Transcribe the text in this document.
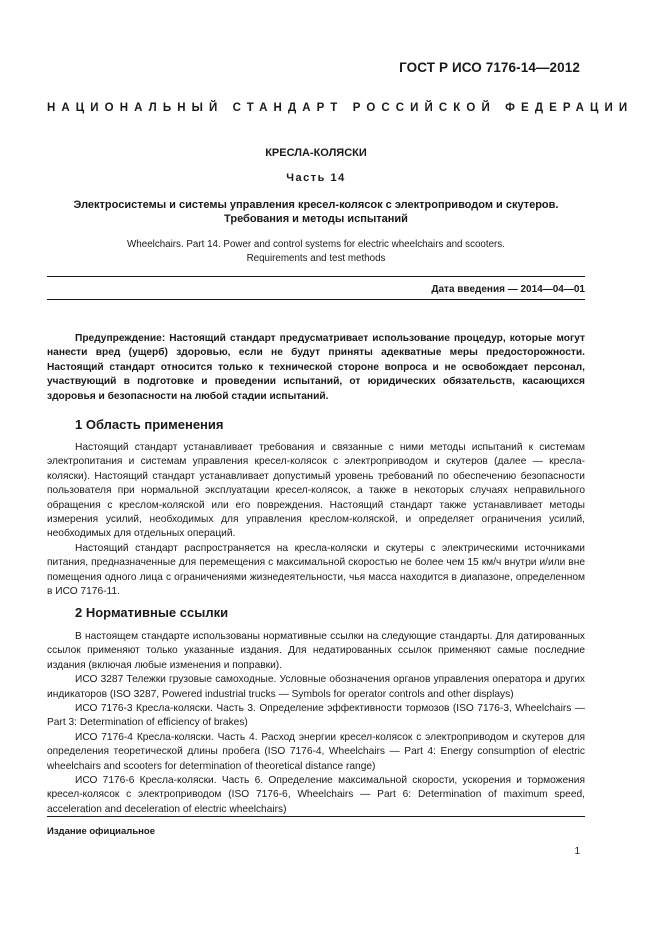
ГОСТ Р ИСО 7176-14—2012
НАЦИОНАЛЬНЫЙ СТАНДАРТ РОССИЙСКОЙ ФЕДЕРАЦИИ
КРЕСЛА-КОЛЯСКИ
Часть 14
Электросистемы и системы управления кресел-колясок с электроприводом и скутеров. Требования и методы испытаний
Wheelchairs. Part 14. Power and control systems for electric wheelchairs and scooters.
Requirements and test methods
Дата введения — 2014—04—01
Предупреждение: Настоящий стандарт предусматривает использование процедур, которые могут нанести вред (ущерб) здоровью, если не будут приняты адекватные меры предосторожности. Настоящий стандарт относится только к технической стороне вопроса и не освобождает персонал, участвующий в подготовке и проведении испытаний, от юридических обязательств, касающихся здоровья и безопасности на любой стадии испытаний.
1 Область применения
Настоящий стандарт устанавливает требования и связанные с ними методы испытаний к системам электропитания и системам управления кресел-колясок с электроприводом и скутеров (далее — кресла-коляски). Настоящий стандарт устанавливает допустимый уровень требований по обеспечению безопасности пользователя при нормальной эксплуатации кресел-колясок, а также в некоторых случаях неправильного обращения с креслом-коляской или его повреждения. Настоящий стандарт также устанавливает методы измерения усилий, необходимых для управления креслом-коляской, и определяет ограничения усилий, необходимых для отдельных операций.
Настоящий стандарт распространяется на кресла-коляски и скутеры с электрическими источниками питания, предназначенные для перемещения с максимальной скоростью не более чем 15 км/ч внутри и/или вне помещения одного лица с ограничениями жизнедеятельности, чья масса находится в диапазоне, определенном в ИСО 7176-11.
2 Нормативные ссылки
В настоящем стандарте использованы нормативные ссылки на следующие стандарты. Для датированных ссылок применяют только указанные издания. Для недатированных ссылок применяют самые последние издания (включая любые изменения и поправки).
ИСО 3287 Тележки грузовые самоходные. Условные обозначения органов управления оператора и других индикаторов (ISO 3287, Powered industrial trucks — Symbols for operator controls and other displays)
ИСО 7176-3 Кресла-коляски. Часть 3. Определение эффективности тормозов (ISO 7176-3, Wheelchairs — Part 3: Determination of efficiency of brakes)
ИСО 7176-4 Кресла-коляски. Часть 4. Расход энергии кресел-колясок с электроприводом и скутеров для определения теоретической длины пробега (ISO 7176-4, Wheelchairs — Part 4: Energy consumption of electric wheelchairs and scooters for determination of theoretical distance range)
ИСО 7176-6 Кресла-коляски. Часть 6. Определение максимальной скорости, ускорения и торможения кресел-колясок с электроприводом (ISO 7176-6, Wheelchairs — Part 6: Determination of maximum speed, acceleration and deceleration of electric wheelchairs)
Издание официальное
1
